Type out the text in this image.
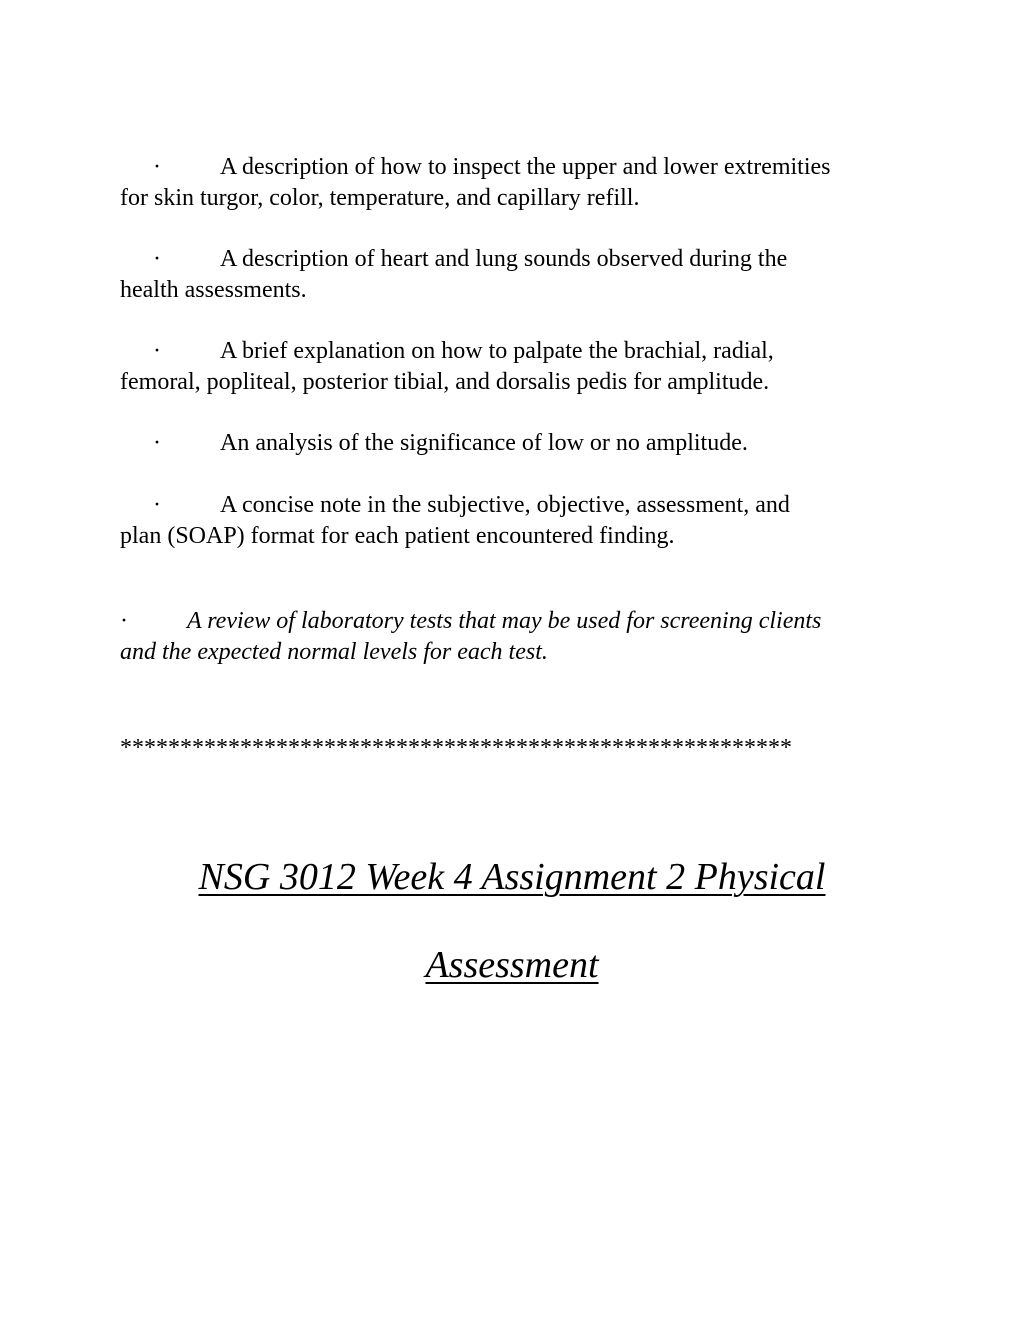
· A description of how to inspect the upper and lower extremities
for skin turgor, color, temperature, and capillary refill.
· A description of heart and lung sounds observed during the
health assessments.
· A brief explanation on how to palpate the brachial, radial,
femoral, popliteal, posterior tibial, and dorsalis pedis for amplitude.
· An analysis of the significance of low or no amplitude.
· A concise note in the subjective, objective, assessment, and
plan (SOAP) format for each patient encountered finding.
· A review of laboratory tests that may be used for screening clients
and the expected normal levels for each test.
********************************************************
NSG 3012 Week 4 Assignment 2 Physical
Assessment
